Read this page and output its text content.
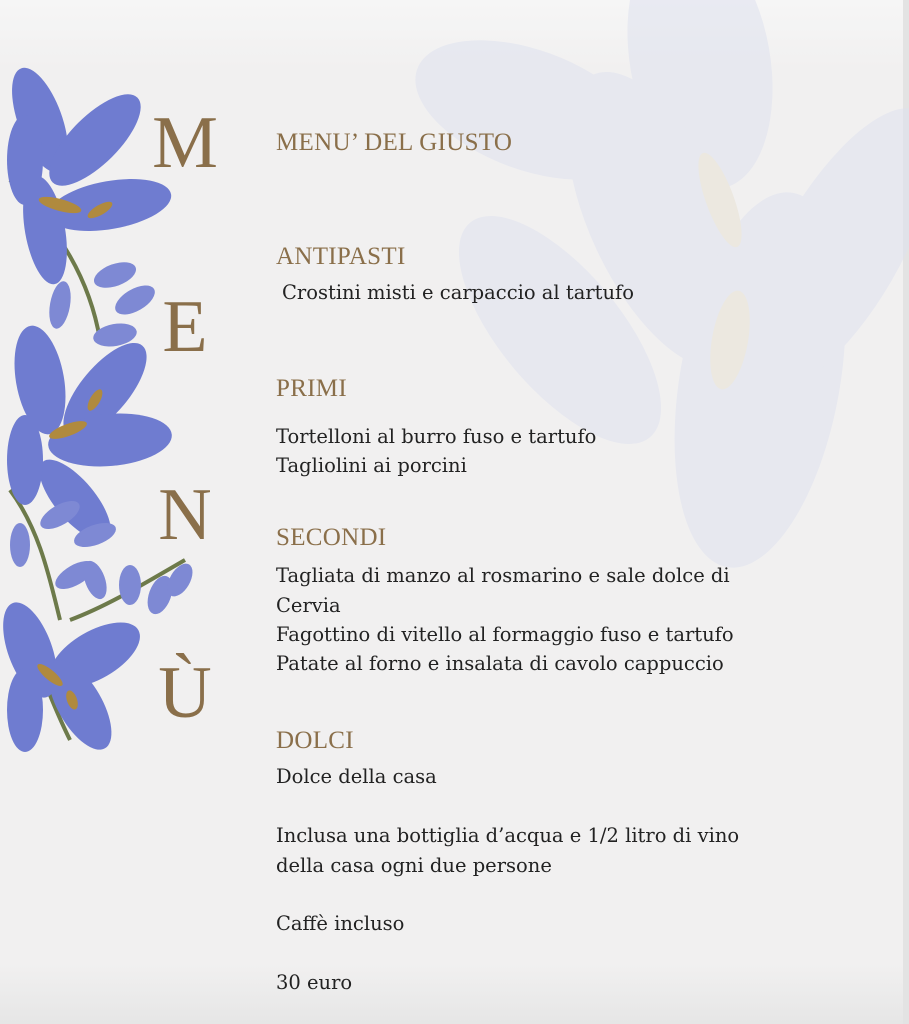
M
E
N
Ù
MENU’ DEL GIUSTO
ANTIPASTI
Crostini misti e carpaccio al tartufo
PRIMI
Tortelloni al burro fuso e tartufo
Tagliolini ai porcini
SECONDI
Tagliata di manzo al rosmarino e sale dolce di
Cervia
Fagottino di vitello al formaggio fuso e tartufo
Patate al forno e insalata di cavolo cappuccio
DOLCI
Dolce della casa
Inclusa una bottiglia d’acqua e 1/2 litro di vino
della casa ogni due persone
Caffè incluso
30 euro
